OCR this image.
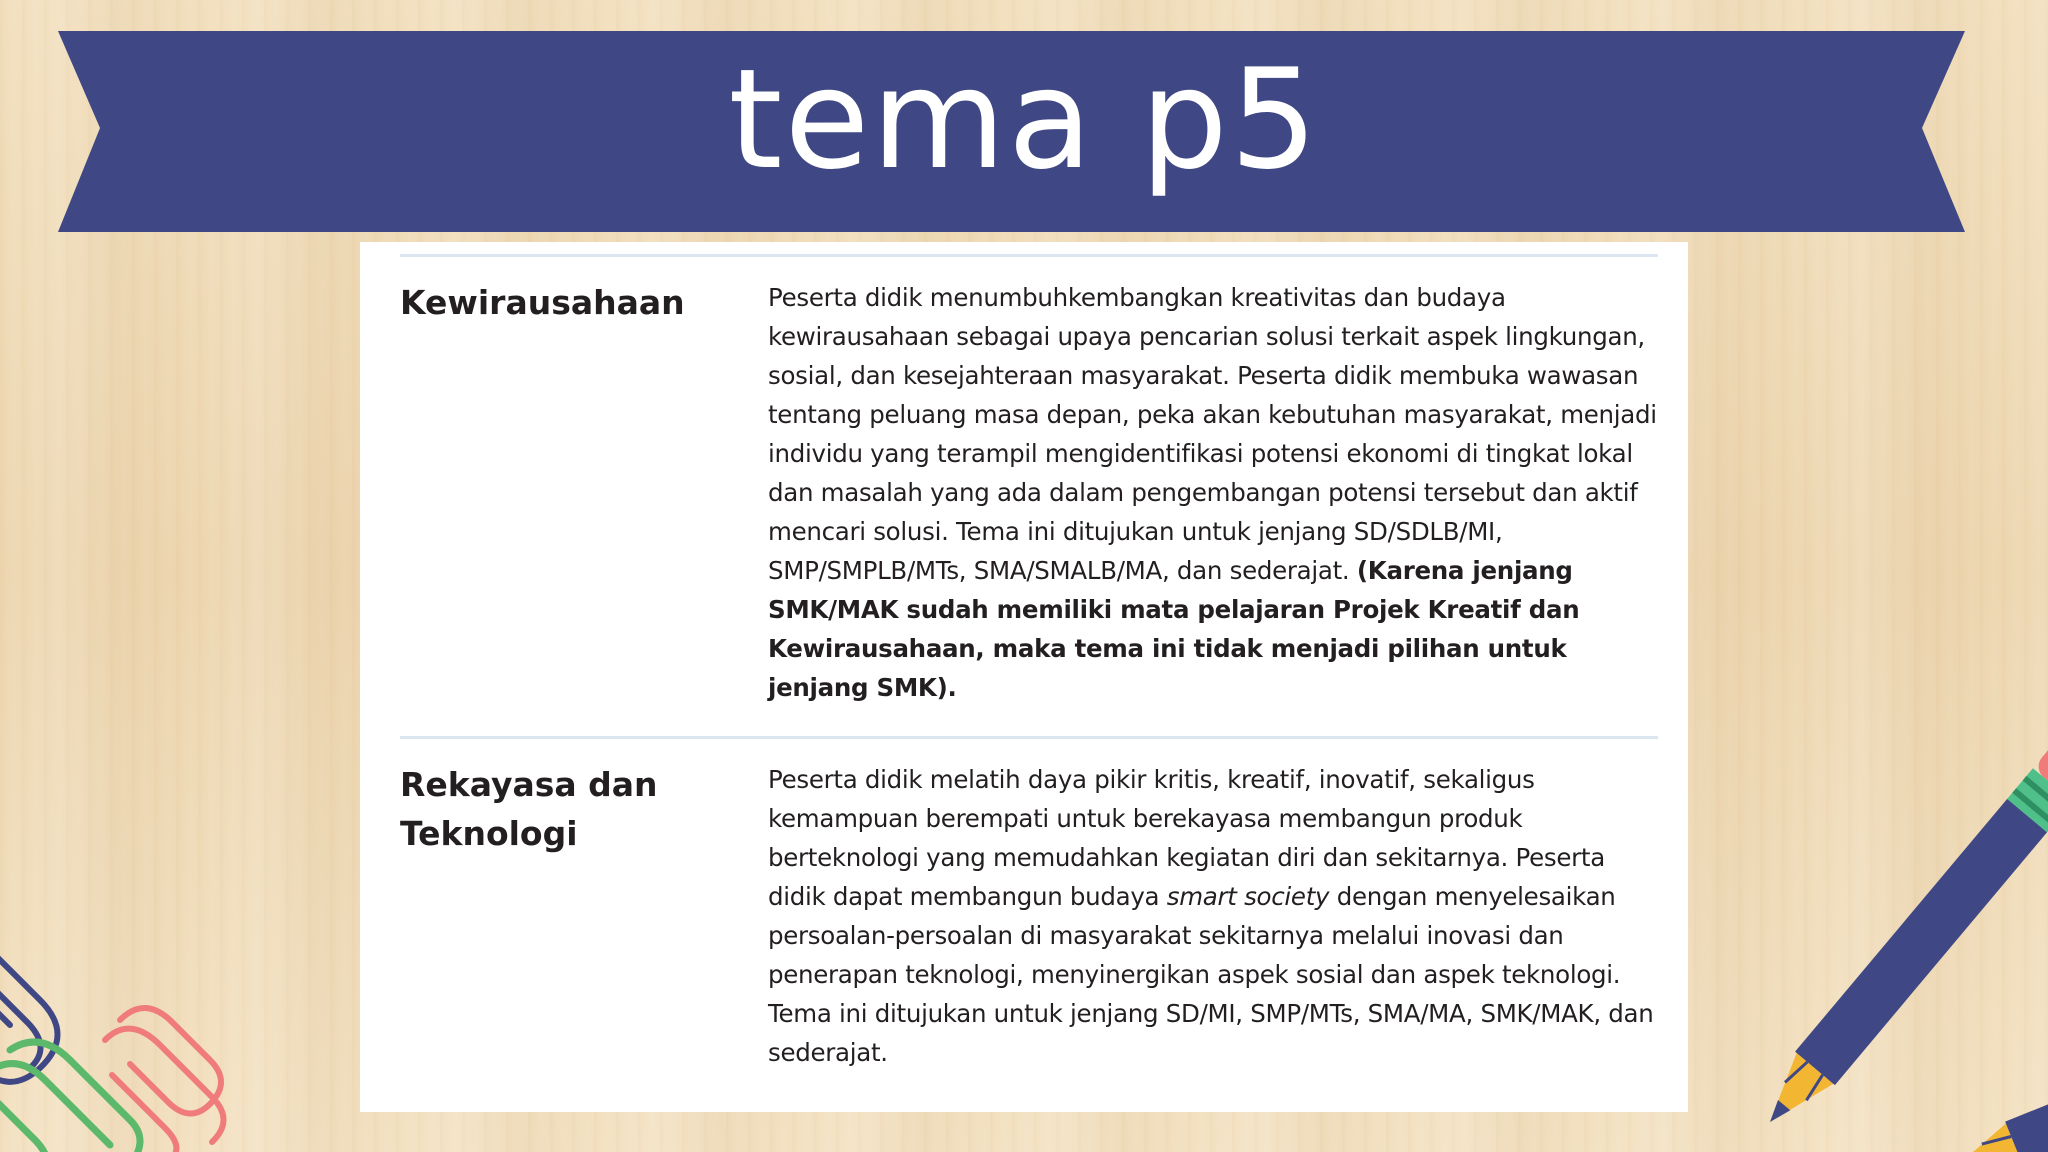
tema p5

Kewirausahaan	Peserta didik menumbuhkembangkan kreativitas dan budaya kewirausahaan sebagai upaya pencarian solusi terkait aspek lingkungan, sosial, dan kesejahteraan masyarakat. Peserta didik membuka wawasan tentang peluang masa depan, peka akan kebutuhan masyarakat, menjadi individu yang terampil mengidentifikasi potensi ekonomi di tingkat lokal dan masalah yang ada dalam pengembangan potensi tersebut dan aktif mencari solusi. Tema ini ditujukan untuk jenjang SD/SDLB/MI, SMP/SMPLB/MTs, SMA/SMALB/MA, dan sederajat. (Karena jenjang SMK/MAK sudah memiliki mata pelajaran Projek Kreatif dan Kewirausahaan, maka tema ini tidak menjadi pilihan untuk jenjang SMK).

Rekayasa dan
Teknologi

Peserta didik melatih daya pikir kritis, kreatif, inovatif, sekaligus kemampuan berempati untuk berekayasa membangun produk berteknologi yang memudahkan kegiatan diri dan sekitarnya. Peserta didik dapat membangun budaya smart society dengan menyelesaikan persoalan-persoalan di masyarakat sekitarnya melalui inovasi dan penerapan teknologi, menyinergikan aspek sosial dan aspek teknologi. Tema ini ditujukan untuk jenjang SD/MI, SMP/MTs, SMA/MA, SMK/MAK, dan sederajat.
